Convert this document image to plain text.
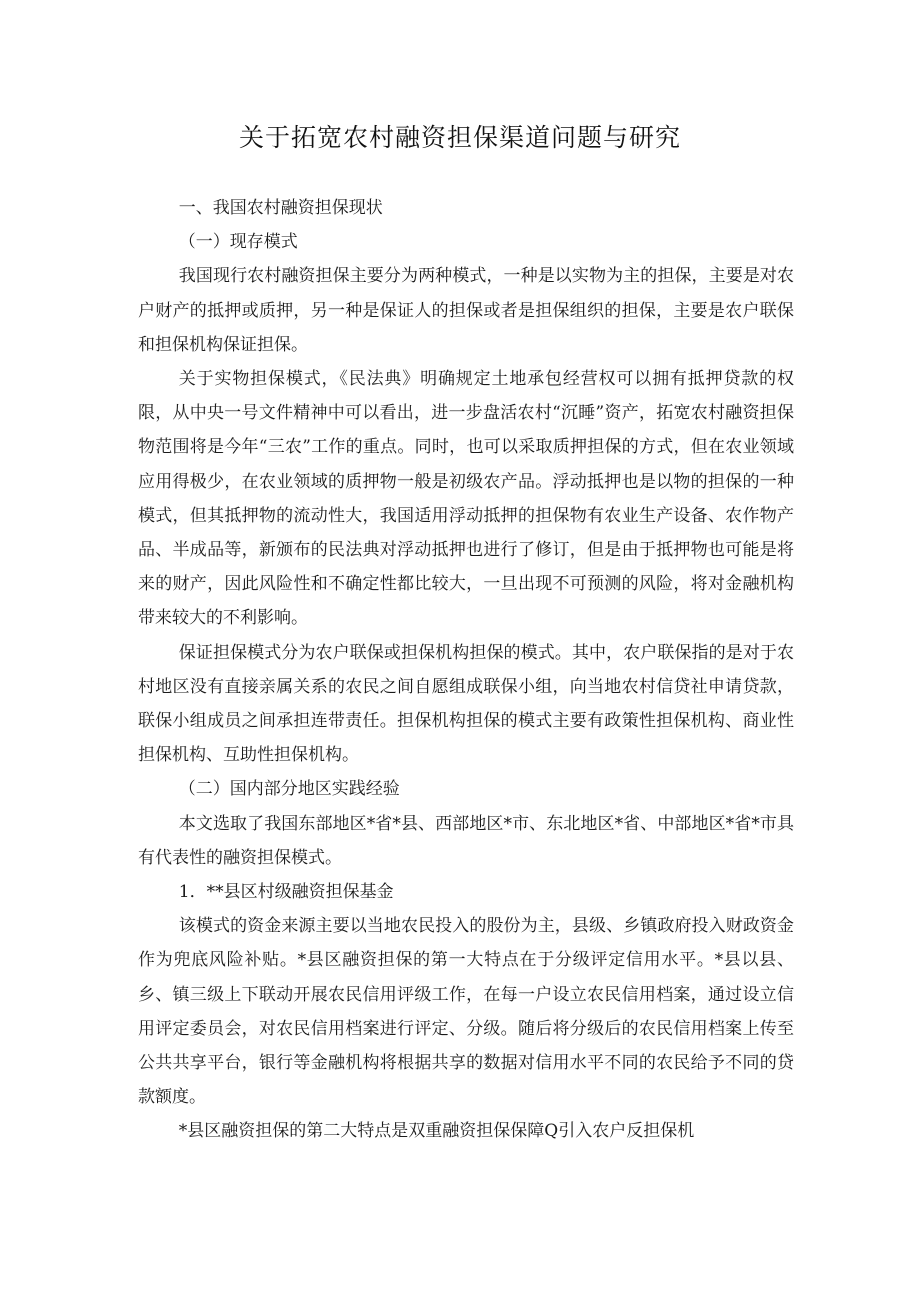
关于拓宽农村融资担保渠道问题与研究

一、我国农村融资担保现状

（一）现存模式

我国现行农村融资担保主要分为两种模式，一种是以实物为主的担保，主要是对农户财产的抵押或质押，另一种是保证人的担保或者是担保组织的担保，主要是农户联保和担保机构保证担保。

关于实物担保模式，《民法典》明确规定土地承包经营权可以拥有抵押贷款的权限，从中央一号文件精神中可以看出，进一步盘活农村“沉睡”资产，拓宽农村融资担保物范围将是今年“三农”工作的重点。同时，也可以采取质押担保的方式，但在农业领域应用得极少，在农业领域的质押物一般是初级农产品。浮动抵押也是以物的担保的一种模式，但其抵押物的流动性大，我国适用浮动抵押的担保物有农业生产设备、农作物产品、半成品等，新颁布的民法典对浮动抵押也进行了修订，但是由于抵押物也可能是将来的财产，因此风险性和不确定性都比较大，一旦出现不可预测的风险，将对金融机构带来较大的不利影响。

保证担保模式分为农户联保或担保机构担保的模式。其中，农户联保指的是对于农村地区没有直接亲属关系的农民之间自愿组成联保小组，向当地农村信贷社申请贷款，联保小组成员之间承担连带责任。担保机构担保的模式主要有政策性担保机构、商业性担保机构、互助性担保机构。

（二）国内部分地区实践经验

本文选取了我国东部地区*省*县、西部地区*市、东北地区*省、中部地区*省*市具有代表性的融资担保模式。

1．**县区村级融资担保基金

该模式的资金来源主要以当地农民投入的股份为主，县级、乡镇政府投入财政资金作为兜底风险补贴。*县区融资担保的第一大特点在于分级评定信用水平。*县以县、乡、镇三级上下联动开展农民信用评级工作，在每一户设立农民信用档案，通过设立信用评定委员会，对农民信用档案进行评定、分级。随后将分级后的农民信用档案上传至公共共享平台，银行等金融机构将根据共享的数据对信用水平不同的农民给予不同的贷款额度。

*县区融资担保的第二大特点是双重融资担保保障Q引入农户反担保机
